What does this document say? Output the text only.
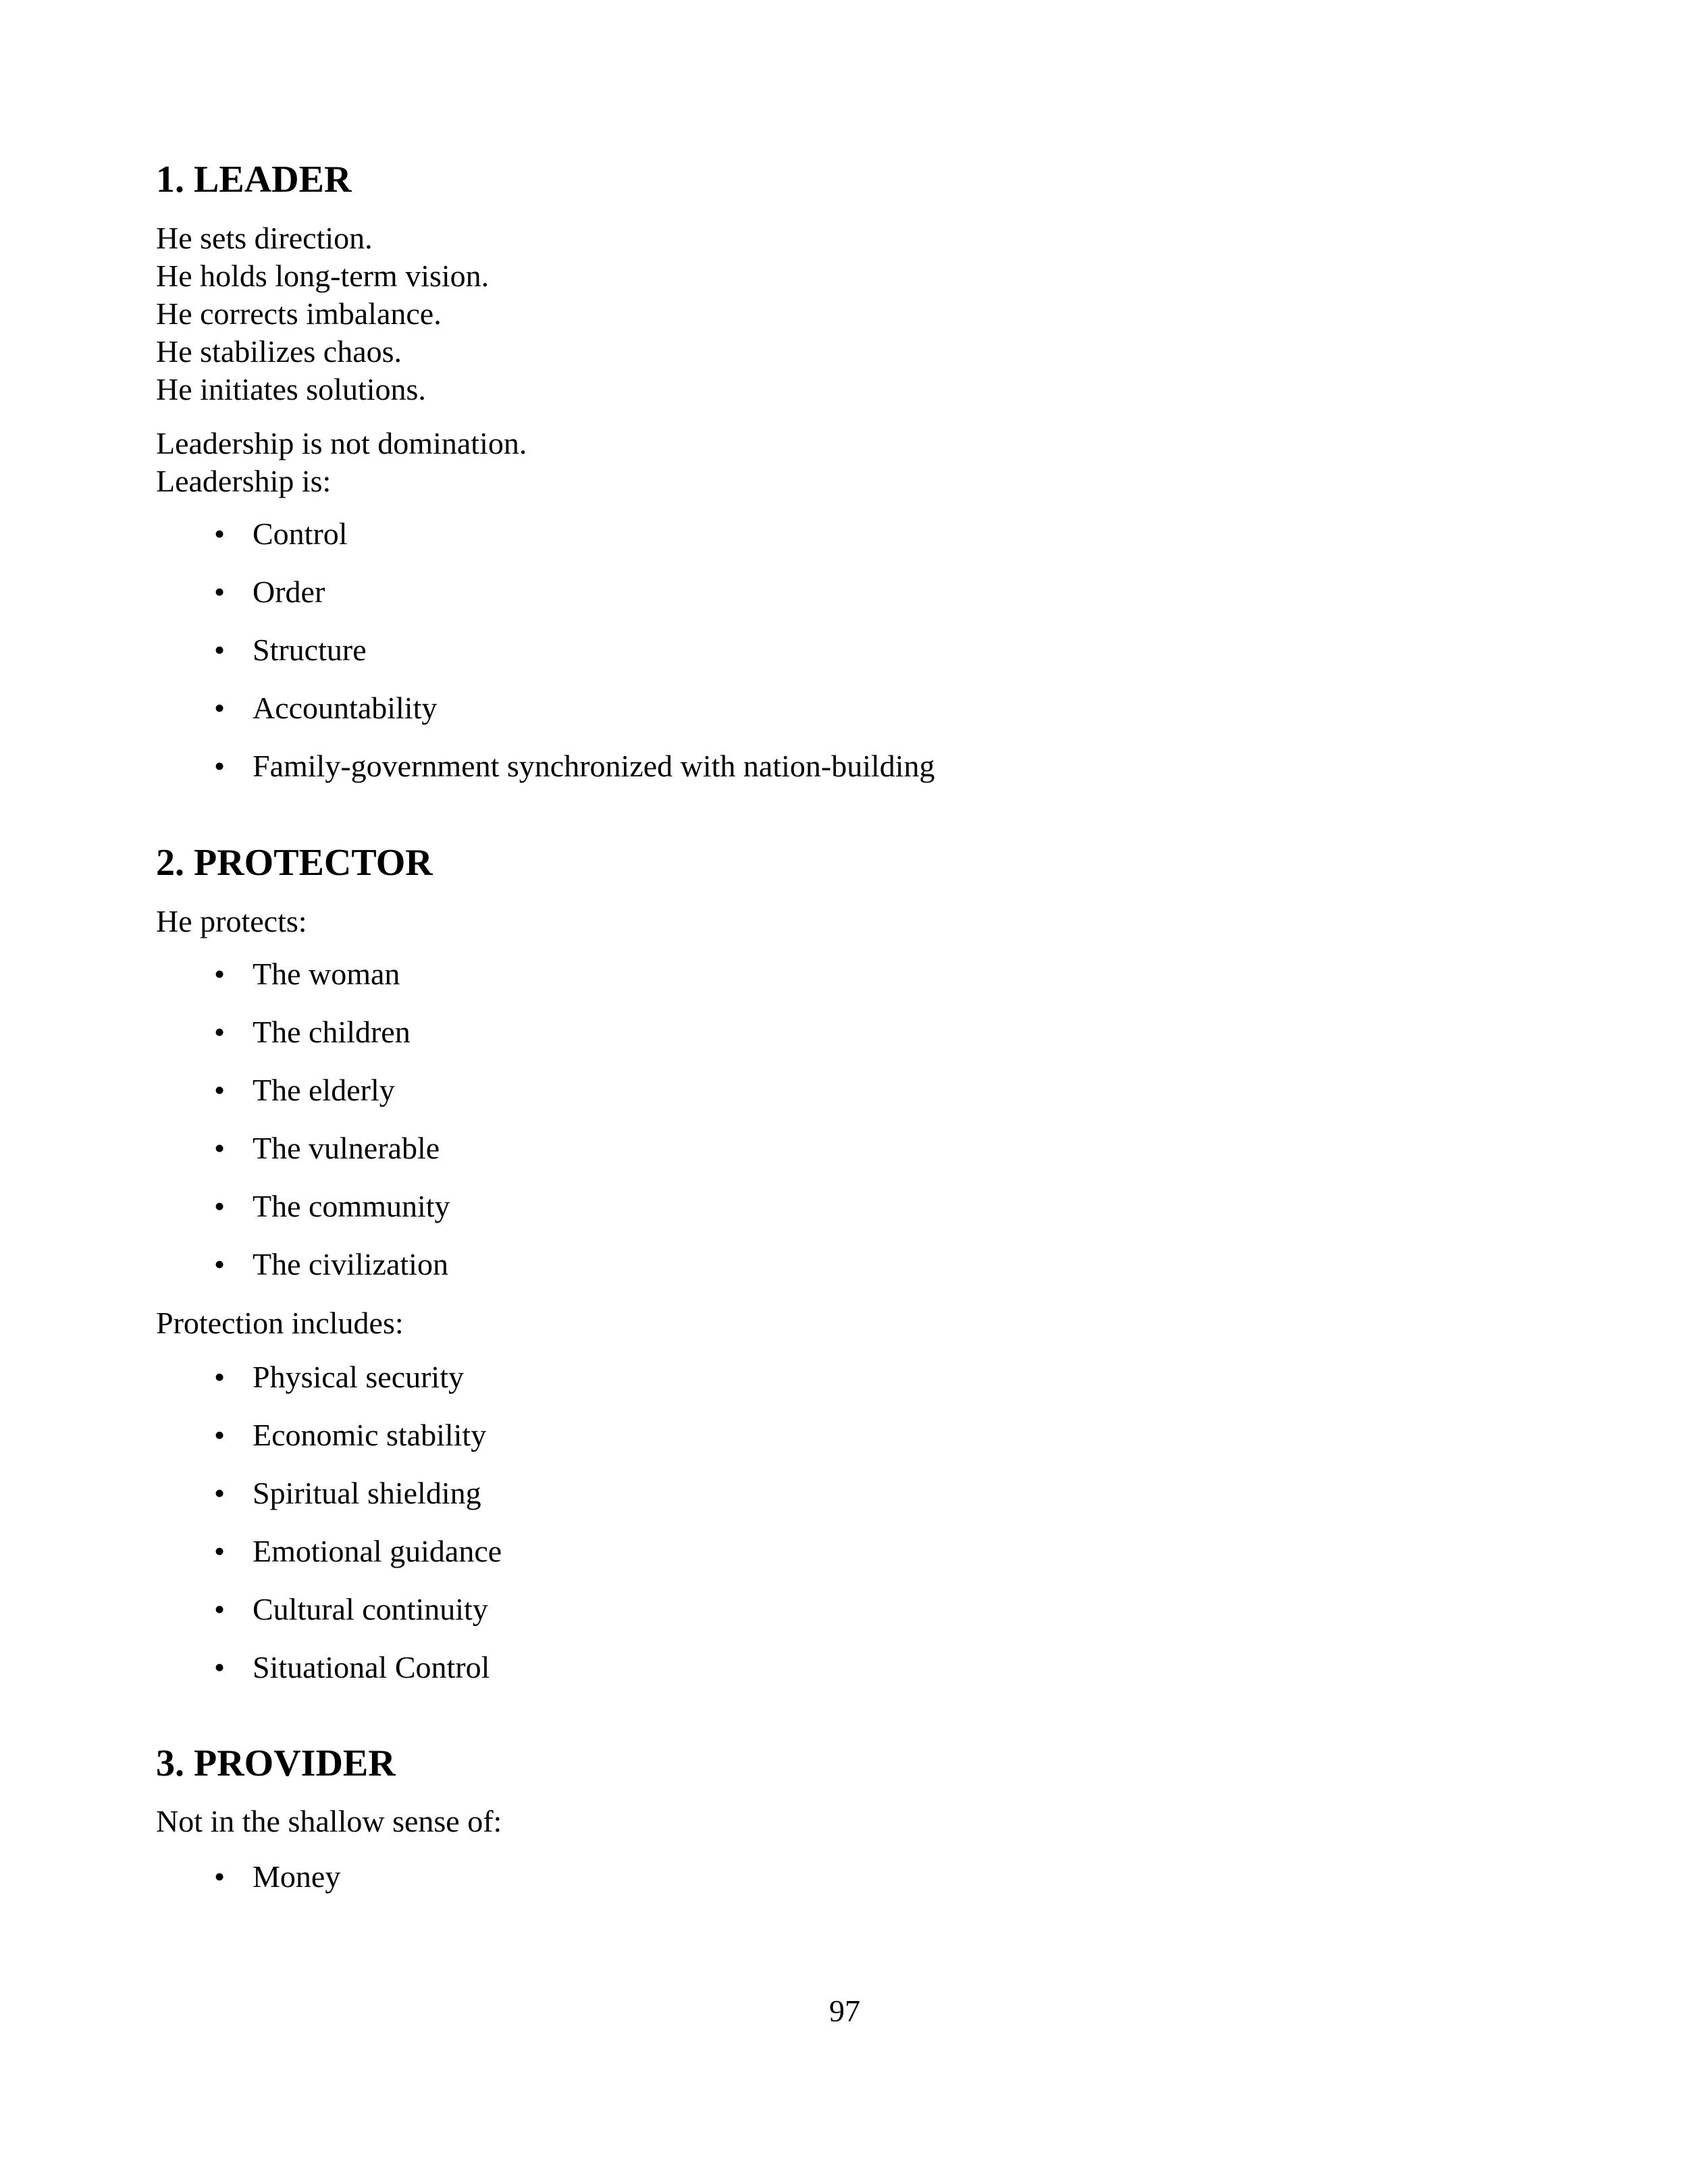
1. LEADER

He sets direction.

He holds long-term vision.

He corrects imbalance.

He stabilizes chaos.

He initiates solutions.

Leadership is not domination.

Leadership is:

• Control
• Order
• Structure
• Accountability
• Family-government synchronized with nation-building
2. PROTECTOR

He protects:

• The woman
• The children
• The elderly
• The vulnerable
• The community
• The civilization

Protection includes:

• Physical security
• Economic stability
• Spiritual shielding
• Emotional guidance
• Cultural continuity
• Situational Control
3. PROVIDER

Not in the shallow sense of:

• Money
97
